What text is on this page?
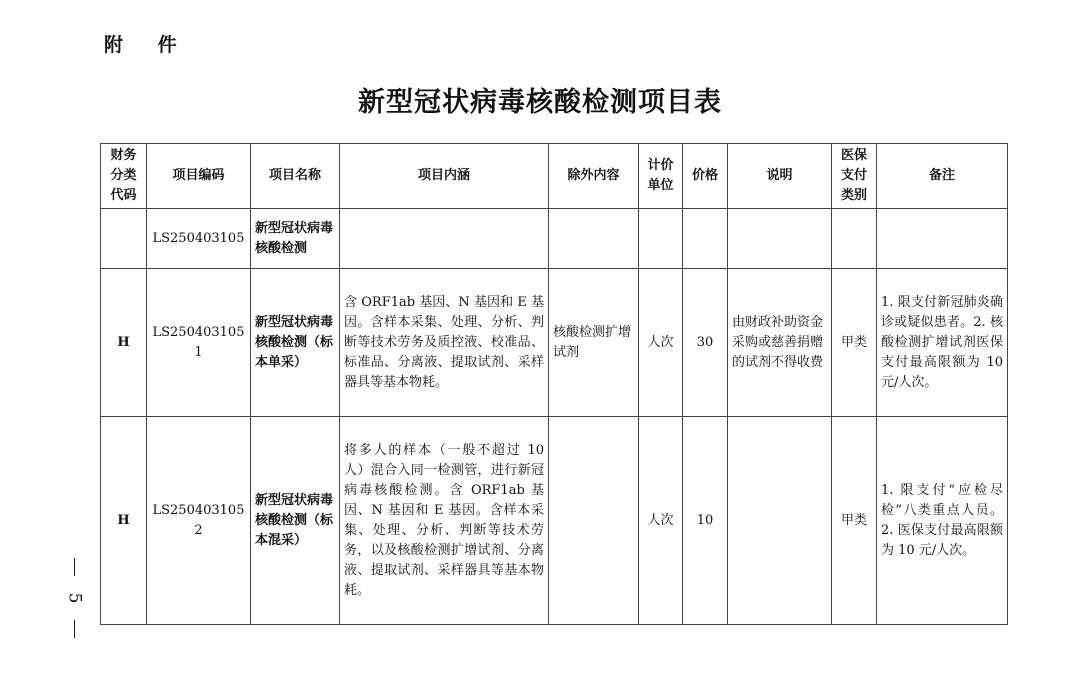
附 件
新型冠状病毒核酸检测项目表
财务分类代码	项目编码	项目名称	项目内涵	除外内容	计价单位	价格	说明	医保支付类别	备注
	LS250403105	新型冠状病毒核酸检测							
H	LS2504031051	新型冠状病毒核酸检测（标本单采）	含 ORF1ab 基因、N 基因和 E 基因。含样本采集、处理、分析、判断等技术劳务及质控液、校准品、标准品、分离液、提取试剂、采样器具等基本物耗。	核酸检测扩增试剂	人次	30	由财政补助资金采购或慈善捐赠的试剂不得收费	甲类	1. 限支付新冠肺炎确诊或疑似患者。2. 核酸检测扩增试剂医保支付最高限额为 10 元/人次。
H	LS2504031052	新型冠状病毒核酸检测（标本混采）	将多人的样本（一般不超过 10 人）混合入同一检测管，进行新冠病毒核酸检测。含 ORF1ab 基因、N 基因和 E 基因。含样本采集、处理、分析、判断等技术劳务，以及核酸检测扩增试剂、分离液、提取试剂、采样器具等基本物耗。		人次	10		甲类	1. 限支付“应检尽检”八类重点人员。2. 医保支付最高限额为 10 元/人次。
5
